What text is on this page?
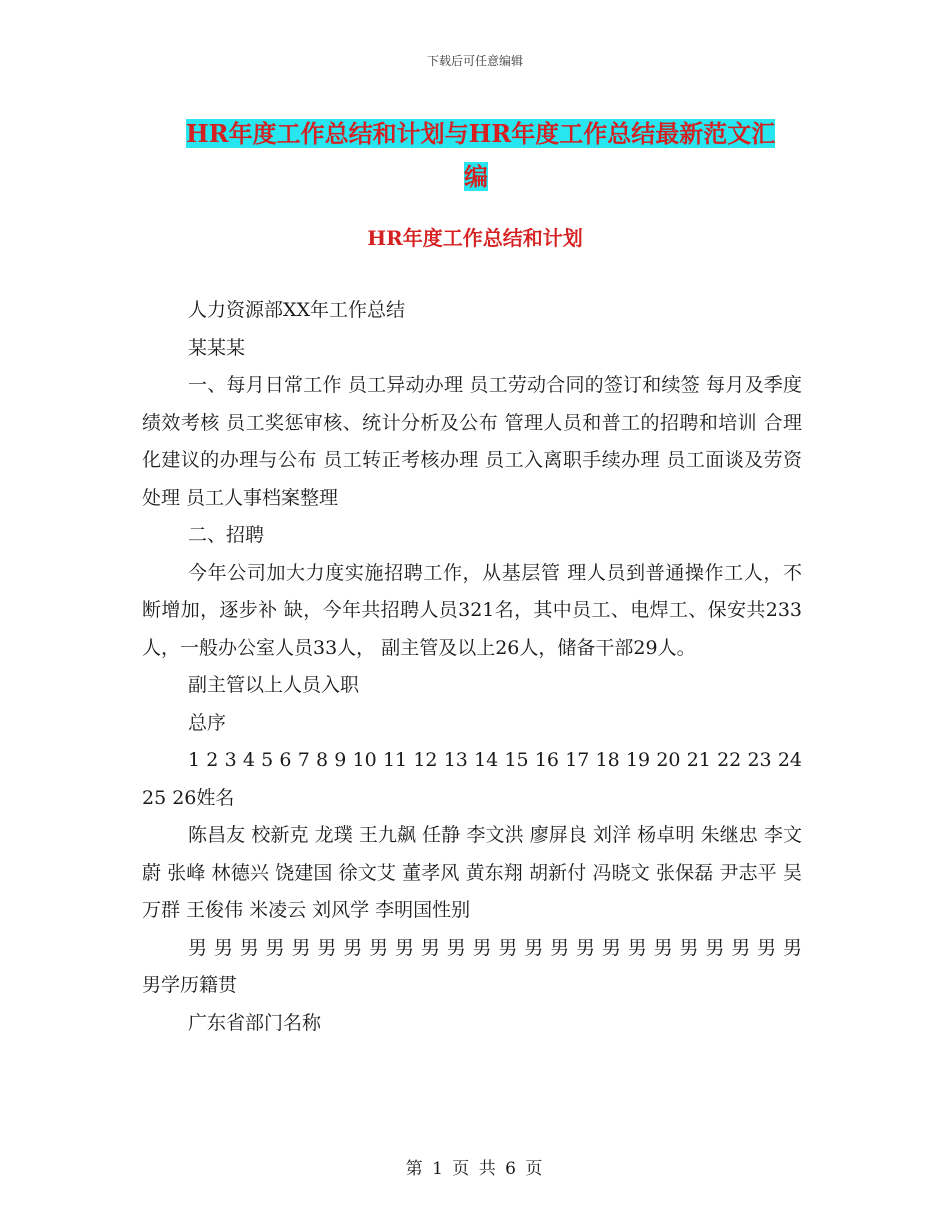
下载后可任意编辑
HR年度工作总结和计划与HR年度工作总结最新范文汇
编
HR年度工作总结和计划

人力资源部XX年工作总结

某某某

一、每月日常工作 员工异动办理 员工劳动合同的签订和续签 每月及季度绩效考核 员工奖惩审核、统计分析及公布 管理人员和普工的招聘和培训 合理化建议的办理与公布 员工转正考核办理 员工入离职手续办理 员工面谈及劳资处理 员工人事档案整理

二、招聘

今年公司加大力度实施招聘工作，从基层管 理人员到普通操作工人，不断增加，逐步补 缺，今年共招聘人员321名，其中员工、电焊工、保安共233人，一般办公室人员33人， 副主管及以上26人，储备干部29人。

副主管以上人员入职

总序

1 2 3 4 5 6 7 8 9 10 11 12 13 14 15 16 17 18 19 20 21 22 23 24 25 26姓名

陈昌友 校新克 龙璞 王九飙 任静 李文洪 廖屏良 刘洋 杨卓明 朱继忠 李文蔚 张峰 林德兴 饶建国 徐文艾 董孝风 黄东翔 胡新付 冯晓文 张保磊 尹志平 吴万群 王俊伟 米凌云 刘风学 李明国性别

男 男 男 男 男 男 男 男 男 男 男 男 男 男 男 男 男 男 男 男 男 男 男 男 男学历籍贯

广东省部门名称

第 1 页 共 6 页
